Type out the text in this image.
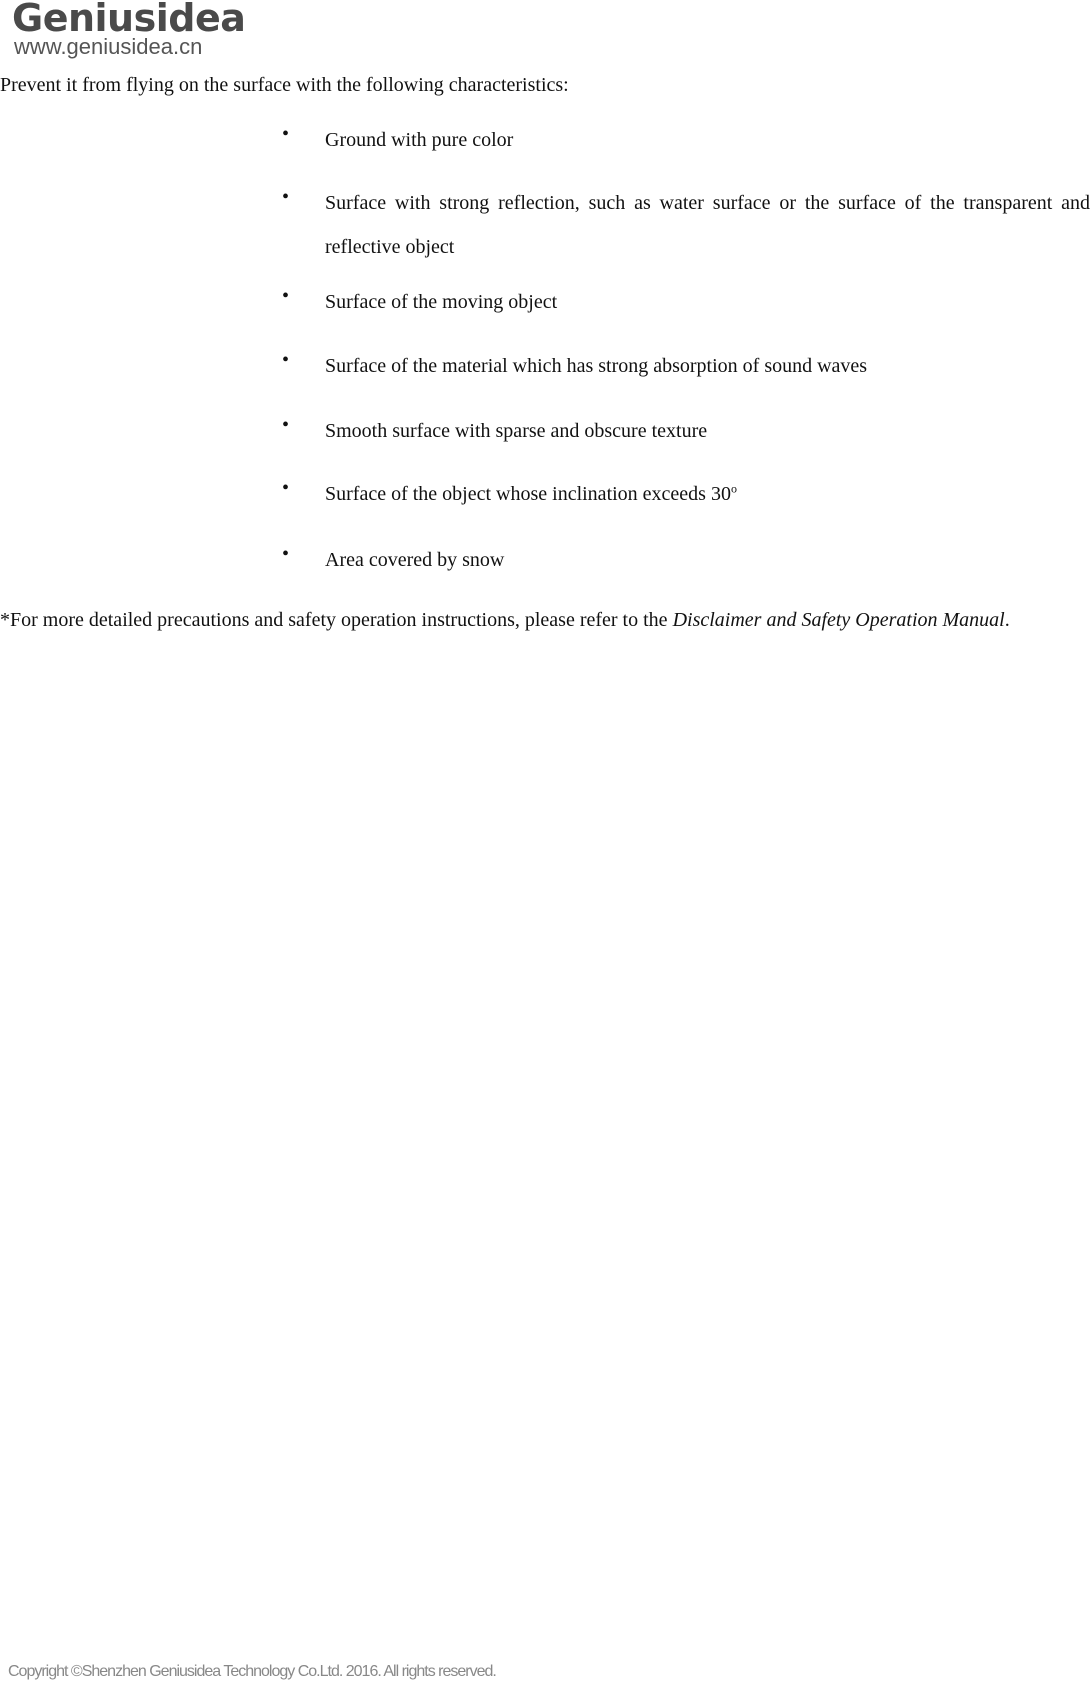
Geniusidea
www.geniusidea.cn
Prevent it from flying on the surface with the following characteristics:
• Ground with pure color
• Surface with strong reflection, such as water surface or the surface of the transparent and reflective object
• Surface of the moving object
• Surface of the material which has strong absorption of sound waves
• Smooth surface with sparse and obscure texture
• Surface of the object whose inclination exceeds 30$^o$
• Area covered by snow
*For more detailed precautions and safety operation instructions, please refer to the Disclaimer and Safety Operation Manual.
Copyright ©Shenzhen Geniusidea Technology Co.Ltd. 2016. All rights reserved.
